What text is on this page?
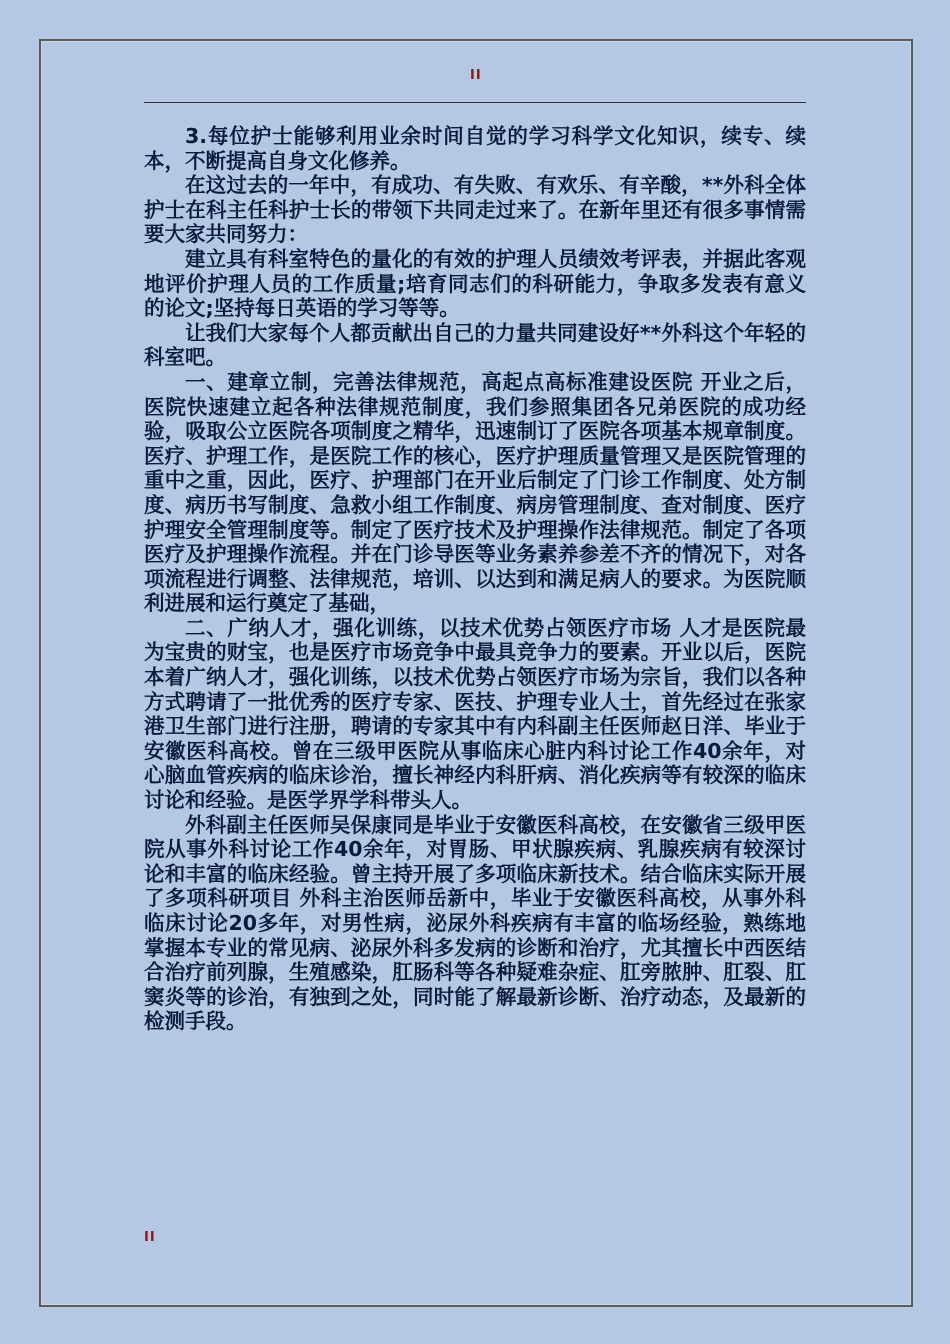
II

3.每位护士能够利用业余时间自觉的学习科学文化知识，续专、续本，不断提高自身文化修养。

在这过去的一年中，有成功、有失败、有欢乐、有辛酸，**外科全体护士在科主任科护士长的带领下共同走过来了。在新年里还有很多事情需要大家共同努力：

建立具有科室特色的量化的有效的护理人员绩效考评表，并据此客观地评价护理人员的工作质量;培育同志们的科研能力，争取多发表有意义的论文;坚持每日英语的学习等等。

让我们大家每个人都贡献出自己的力量共同建设好**外科这个年轻的科室吧。

一、建章立制，完善法律规范，高起点高标准建设医院 开业之后，医院快速建立起各种法律规范制度，我们参照集团各兄弟医院的成功经验，吸取公立医院各项制度之精华，迅速制订了医院各项基本规章制度。医疗、护理工作，是医院工作的核心，医疗护理质量管理又是医院管理的重中之重，因此，医疗、护理部门在开业后制定了门诊工作制度、处方制度、病历书写制度、急救小组工作制度、病房管理制度、查对制度、医疗护理安全管理制度等。制定了医疗技术及护理操作法律规范。制定了各项医疗及护理操作流程。并在门诊导医等业务素养参差不齐的情况下，对各项流程进行调整、法律规范，培训、以达到和满足病人的要求。为医院顺利进展和运行奠定了基础，

二、广纳人才，强化训练，以技术优势占领医疗市场 人才是医院最为宝贵的财宝，也是医疗市场竞争中最具竞争力的要素。开业以后，医院本着广纳人才，强化训练，以技术优势占领医疗市场为宗旨，我们以各种方式聘请了一批优秀的医疗专家、医技、护理专业人士，首先经过在张家港卫生部门进行注册，聘请的专家其中有内科副主任医师赵日洋、毕业于安徽医科高校。曾在三级甲医院从事临床心脏内科讨论工作40余年，对心脑血管疾病的临床诊治，擅长神经内科肝病、消化疾病等有较深的临床讨论和经验。是医学界学科带头人。

外科副主任医师吴保康同是毕业于安徽医科高校，在安徽省三级甲医院从事外科讨论工作40余年，对胃肠、甲状腺疾病、乳腺疾病有较深讨论和丰富的临床经验。曾主持开展了多项临床新技术。结合临床实际开展了多项科研项目 外科主治医师岳新中，毕业于安徽医科高校，从事外科临床讨论20多年，对男性病，泌尿外科疾病有丰富的临场经验，熟练地掌握本专业的常见病、泌尿外科多发病的诊断和治疗，尤其擅长中西医结合治疗前列腺，生殖感染，肛肠科等各种疑难杂症、肛旁脓肿、肛裂、肛窦炎等的诊治，有独到之处，同时能了解最新诊断、治疗动态，及最新的检测手段。

II
